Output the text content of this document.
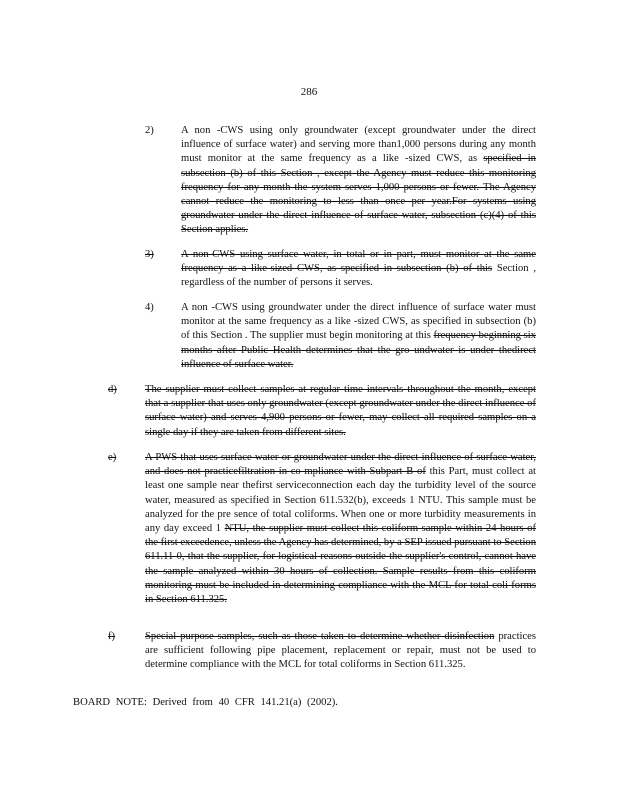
286
2)	A non -CWS using only groundwater (except groundwater under the direct influence of surface water) and serving more than1,000 persons during any month must monitor at the same frequency as a like -sized CWS, as specified in subsection (b) of this Section , except the Agency must reduce this monitoring frequency for any month the system serves 1,000 persons or fewer. The Agency cannot reduce the monitoring to less than once per year.For systems using groundwater under the direct influence of surface water, subsection (c)(4) of this Section applies.
3)	A non-CWS using surface water, in total or in part, must monitor at the same frequency as a like-sized CWS, as specified in subsection (b) of this Section , regardless of the number of persons it serves.
4)	A non -CWS using groundwater under the direct influence of surface water must monitor at the same frequency as a like -sized CWS, as specified in subsection (b) of this Section . The supplier must begin monitoring at this frequency beginning six months after Public Health determines that the gro undwater is under thedirect influence of surface water.
d)	The supplier must collect samples at regular time intervals throughout the month, except that a supplier that uses only groundwater (except groundwater under the direct influence of surface water) and serves 4,900 persons or fewer, may collect all required samples on a single day if they are taken from different sites.
e)	A PWS that uses surface water or groundwater under the direct influence of surface water, and does not practicefiltration in co mpliance with Subpart B of this Part, must collect at least one sample near thefirst serviceconnection each day the turbidity level of the source water, measured as specified in Section 611.532(b), exceeds 1 NTU. This sample must be analyzed for the pre sence of total coliforms. When one or more turbidity measurements in any day exceed 1 NTU, the supplier must collect this coliform sample within 24 hours of the first exceedence, unless the Agency has determined, by a SEP issued pursuant to Section 611.11 0, that the supplier, for logistical reasons outside the supplier's control, cannot have the sample analyzed within 30 hours of collection. Sample results from this coliform monitoring must be included in determining compliance with the MCL for total coli forms in Section 611.325.
f)	Special purpose samples, such as those taken to determine whether disinfection practices are sufficient following pipe placement, replacement or repair, must not be used to determine compliance with the MCL for total coliforms in Section 611.325.
BOARD NOTE: Derived from 40 CFR 141.21(a) (2002).
